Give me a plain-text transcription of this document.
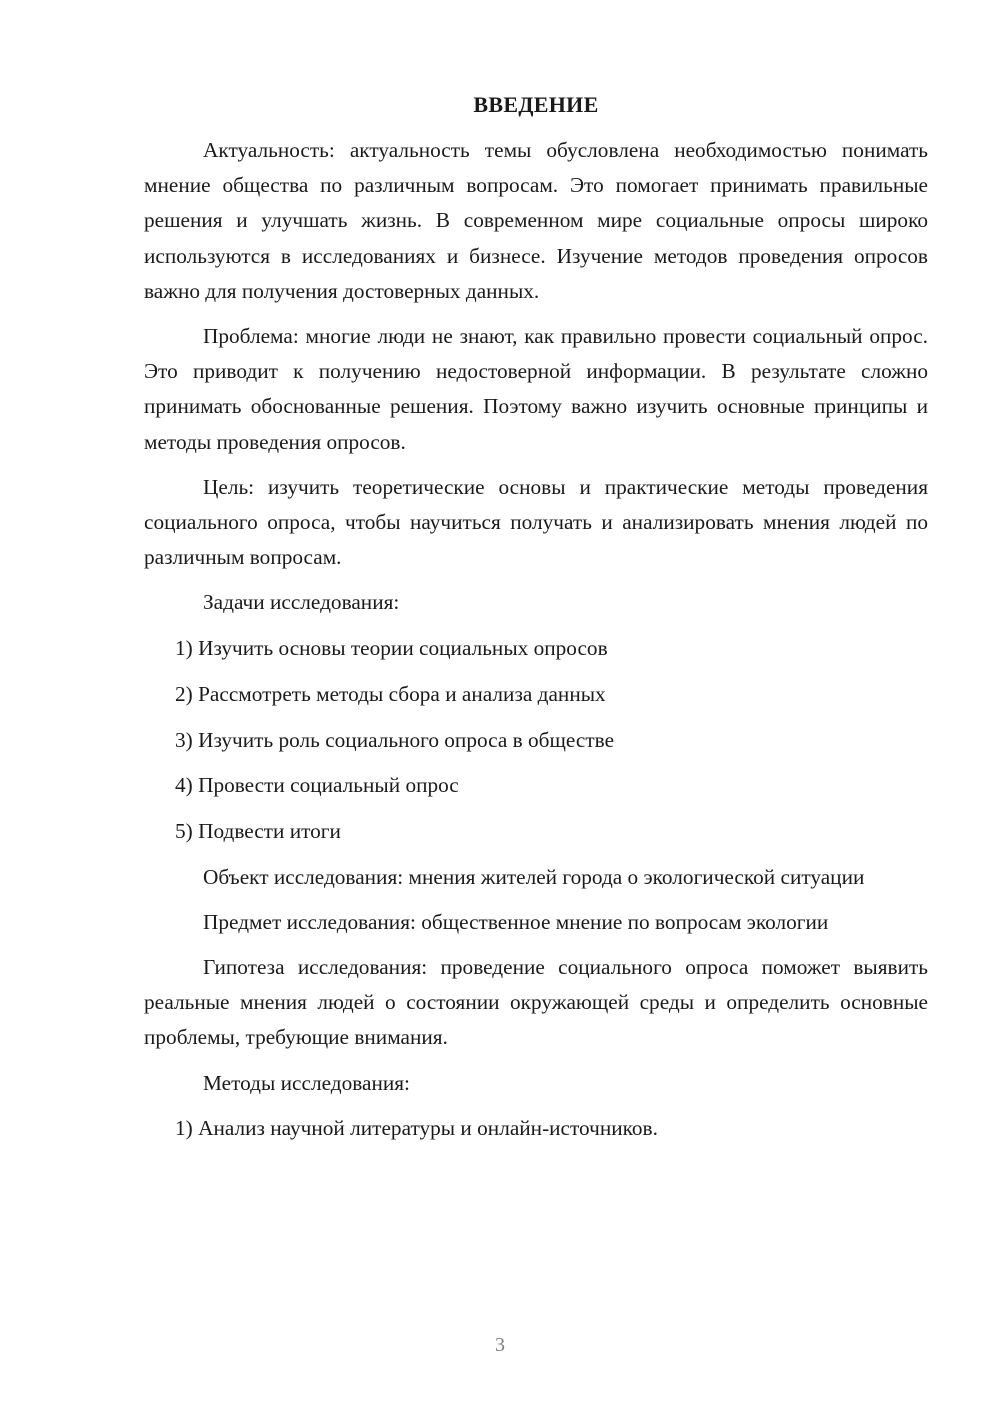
ВВЕДЕНИЕ

Актуальность: актуальность темы обусловлена необходимостью понимать мнение общества по различным вопросам. Это помогает принимать правильные решения и улучшать жизнь. В современном мире социальные опросы широко используются в исследованиях и бизнесе. Изучение методов проведения опросов важно для получения достоверных данных.

Проблема: многие люди не знают, как правильно провести социальный опрос. Это приводит к получению недостоверной информации. В результате сложно принимать обоснованные решения. Поэтому важно изучить основные принципы и методы проведения опросов.

Цель: изучить теоретические основы и практические методы проведения социального опроса, чтобы научиться получать и анализировать мнения людей по различным вопросам.

Задачи исследования:

1) Изучить основы теории социальных опросов

2) Рассмотреть методы сбора и анализа данных

3) Изучить роль социального опроса в обществе

4) Провести социальный опрос

5) Подвести итоги

Объект исследования: мнения жителей города о экологической ситуации

Предмет исследования: общественное мнение по вопросам экологии

Гипотеза исследования: проведение социального опроса поможет выявить реальные мнения людей о состоянии окружающей среды и определить основные проблемы, требующие внимания.

Методы исследования:

1) Анализ научной литературы и онлайн-источников.

3
